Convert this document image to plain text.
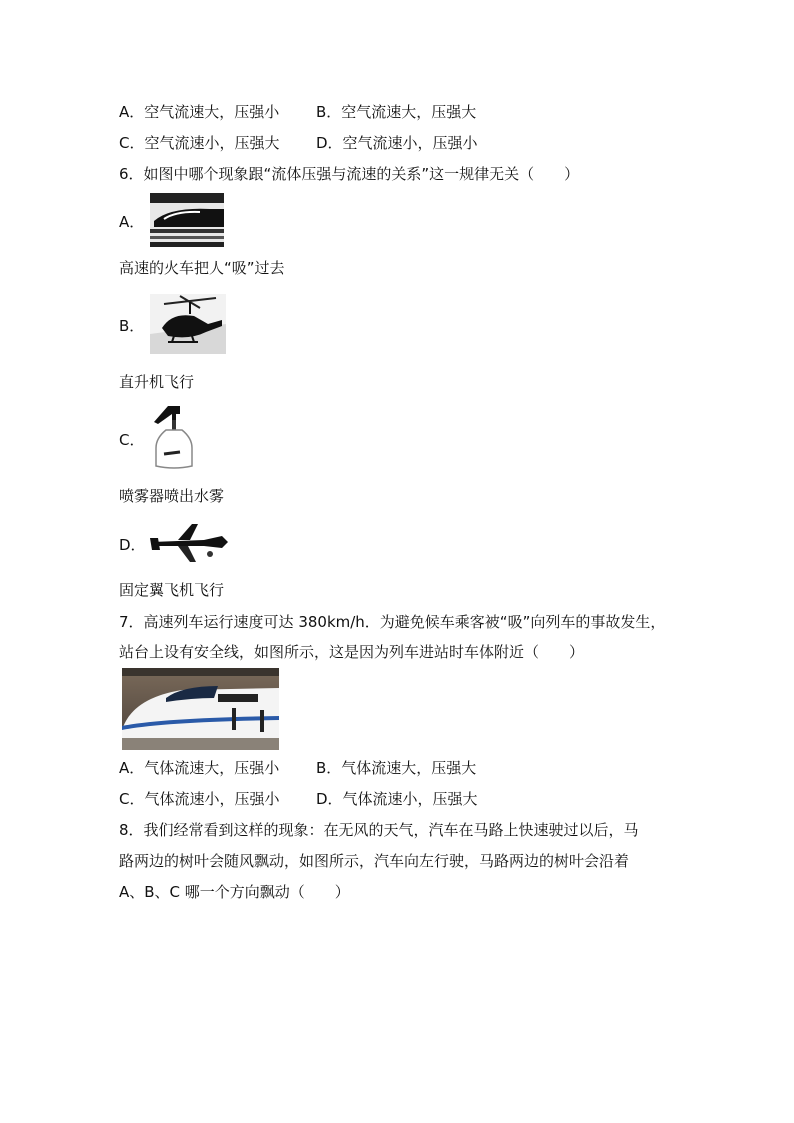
A．空气流速大，压强小 B．空气流速大，压强大
C．空气流速小，压强大 D．空气流速小，压强小
6．如图中哪个现象跟“流体压强与流速的关系”这一规律无关（　　）
A．
高速的火车把人“吸”过去
B．
直升机飞行
C．
喷雾器喷出水雾
D．
固定翼飞机飞行
7．高速列车运行速度可达 380km/h．为避免候车乘客被“吸”向列车的事故发生，
站台上设有安全线，如图所示，这是因为列车进站时车体附近（　　）
A．气体流速大，压强小 B．气体流速大，压强大
C．气体流速小，压强小 D．气体流速小，压强大
8．我们经常看到这样的现象：在无风的天气，汽车在马路上快速驶过以后，马
路两边的树叶会随风飘动，如图所示，汽车向左行驶，马路两边的树叶会沿着
A、B、C 哪一个方向飘动（　　）
